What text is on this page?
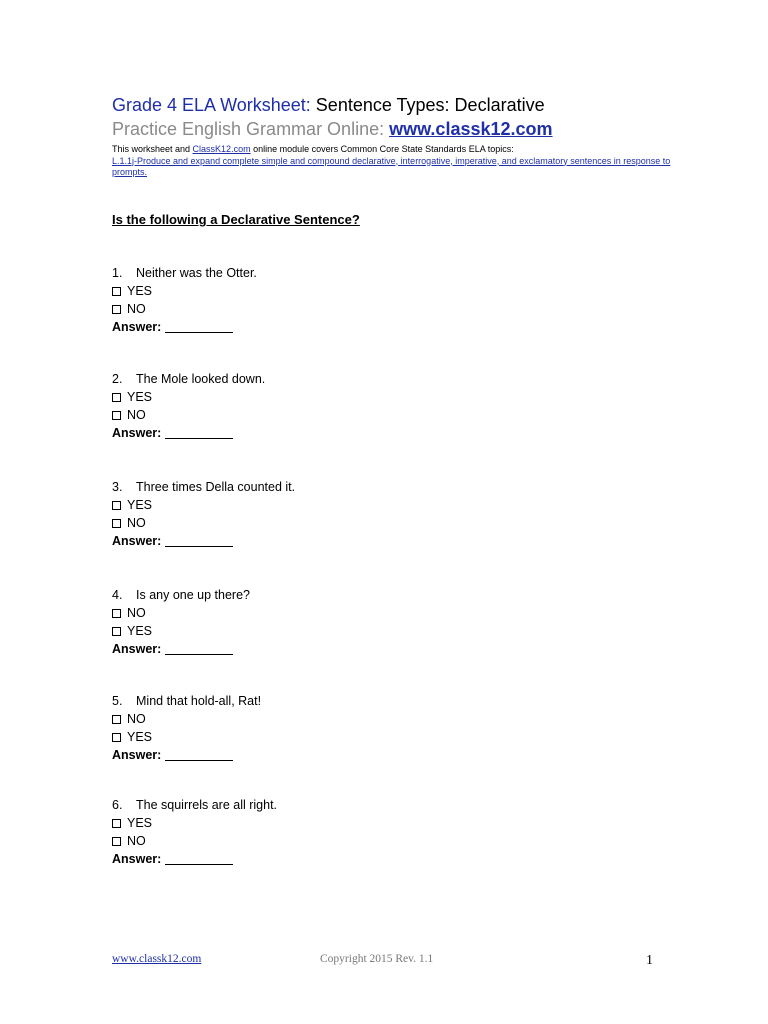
Grade 4 ELA Worksheet: Sentence Types: Declarative
Practice English Grammar Online: www.classk12.com
This worksheet and ClassK12.com online module covers Common Core State Standards ELA topics:
L.1.1j-Produce and expand complete simple and compound declarative, interrogative, imperative, and exclamatory sentences in response to prompts.
Is the following a Declarative Sentence?
1. Neither was the Otter.
YES
NO
Answer:
2. The Mole looked down.
YES
NO
Answer:
3. Three times Della counted it.
YES
NO
Answer:
4. Is any one up there?
NO
YES
Answer:
5. Mind that hold-all, Rat!
NO
YES
Answer:
6. The squirrels are all right.
YES
NO
Answer:
www.classk12.com	Copyright 2015 Rev. 1.1	1
